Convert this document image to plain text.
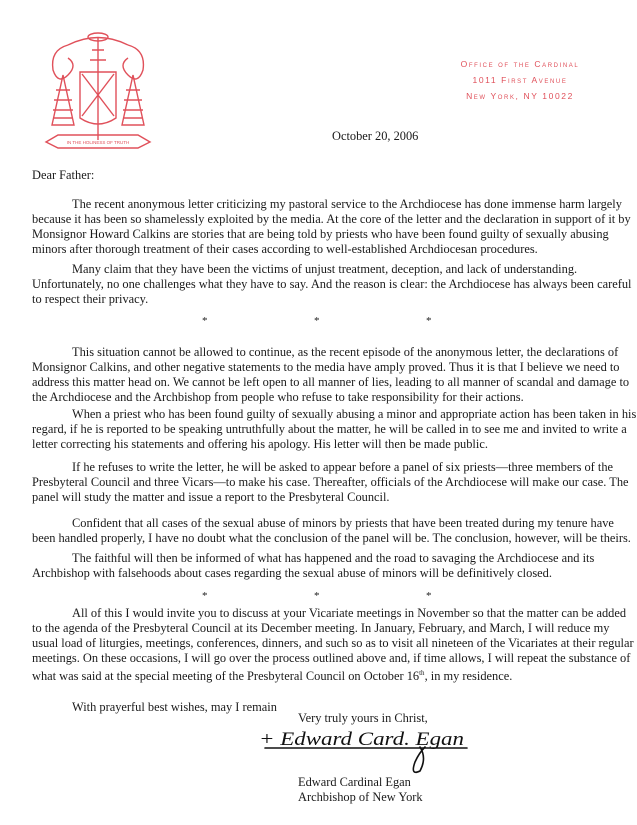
IN THE HOLINESS OF TRUTH
Office of the Cardinal
1011 First Avenue
New York, NY 10022
October 20, 2006
Dear Father:
The recent anonymous letter criticizing my pastoral service to the Archdiocese has done immense harm largely
because it has been so shamelessly exploited by the media. At the core of the letter and the declaration in support of it by
Monsignor Howard Calkins are stories that are being told by priests who have been found guilty of sexually abusing
minors after thorough treatment of their cases according to well-established Archdiocesan procedures.
Many claim that they have been the victims of unjust treatment, deception, and lack of understanding.
Unfortunately, no one challenges what they have to say. And the reason is clear: the Archdiocese has always been careful
to respect their privacy.
*	*	*
This situation cannot be allowed to continue, as the recent episode of the anonymous letter, the declarations of
Monsignor Calkins, and other negative statements to the media have amply proved. Thus it is that I believe we need to
address this matter head on. We cannot be left open to all manner of lies, leading to all manner of scandal and damage to
the Archdiocese and the Archbishop from people who refuse to take responsibility for their actions.
When a priest who has been found guilty of sexually abusing a minor and appropriate action has been taken in his
regard, if he is reported to be speaking untruthfully about the matter, he will be called in to see me and invited to write a
letter correcting his statements and offering his apology. His letter will then be made public.
If he refuses to write the letter, he will be asked to appear before a panel of six priests—three members of the
Presbyteral Council and three Vicars—to make his case. Thereafter, officials of the Archdiocese will make our case. The
panel will study the matter and issue a report to the Presbyteral Council.
Confident that all cases of the sexual abuse of minors by priests that have been treated during my tenure have
been handled properly, I have no doubt what the conclusion of the panel will be. The conclusion, however, will be theirs.
The faithful will then be informed of what has happened and the road to savaging the Archdiocese and its
Archbishop with falsehoods about cases regarding the sexual abuse of minors will be definitively closed.
*	*	*
All of this I would invite you to discuss at your Vicariate meetings in November so that the matter can be added
to the agenda of the Presbyteral Council at its December meeting. In January, February, and March, I will reduce my
usual load of liturgies, meetings, conferences, dinners, and such so as to visit all nineteen of the Vicariates at their regular
meetings. On these occasions, I will go over the process outlined above and, if time allows, I will repeat the substance of
what was said at the special meeting of the Presbyteral Council on October 16th, in my residence.
With prayerful best wishes, may I remain
Very truly yours in Christ,
+ Edward Card. Egan
Edward Cardinal Egan
Archbishop of New York
